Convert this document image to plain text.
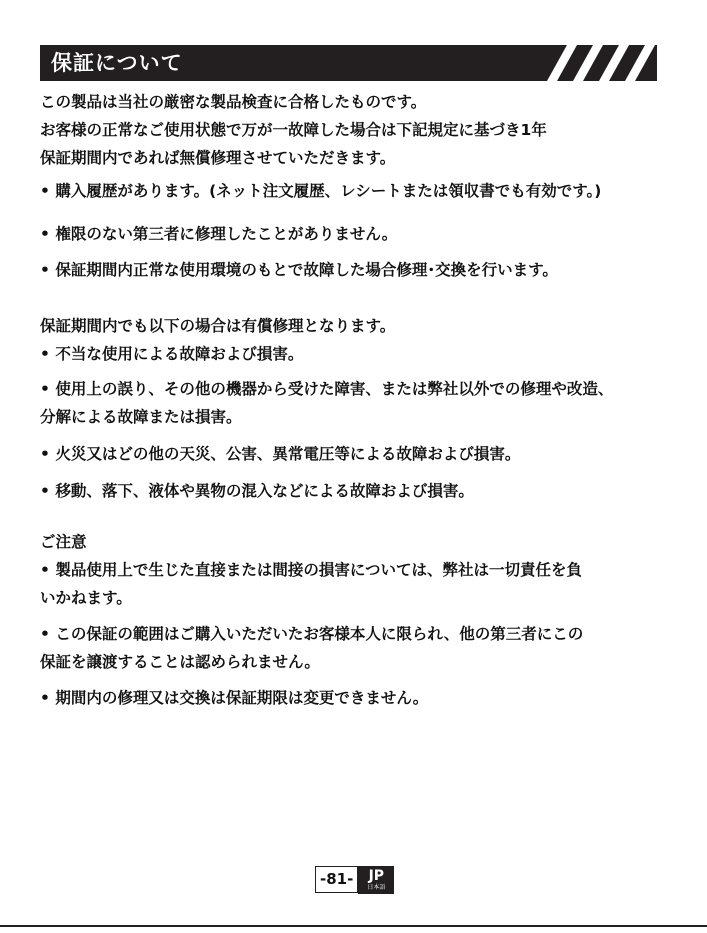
保証について
この製品は当社の厳密な製品検査に合格したものです。
お客様の正常なご使用状態で万が一故障した場合は下記規定に基づき1年
保証期間内であれば無償修理させていただきます。
• 購入履歴があります。(ネット注文履歴、レシートまたは領収書でも有効です。)
• 権限のない第三者に修理したことがありません。
• 保証期間内正常な使用環境のもとで故障した場合修理･交換を行います。
保証期間内でも以下の場合は有償修理となります。
• 不当な使用による故障および損害。
• 使用上の誤り、その他の機器から受けた障害、または弊社以外での修理や改造、
分解による故障または損害。
• 火災又はどの他の天災、公害、異常電圧等による故障および損害。
• 移動、落下、液体や異物の混入などによる故障および損害。
ご注意
• 製品使用上で生じた直接または間接の損害については、弊社は一切責任を負
いかねます。
• この保証の範囲はご購入いただいたお客様本人に限られ、他の第三者にこの
保証を譲渡することは認められません。
• 期間内の修理又は交換は保証期限は変更できません。
-81-	JP
日本語
